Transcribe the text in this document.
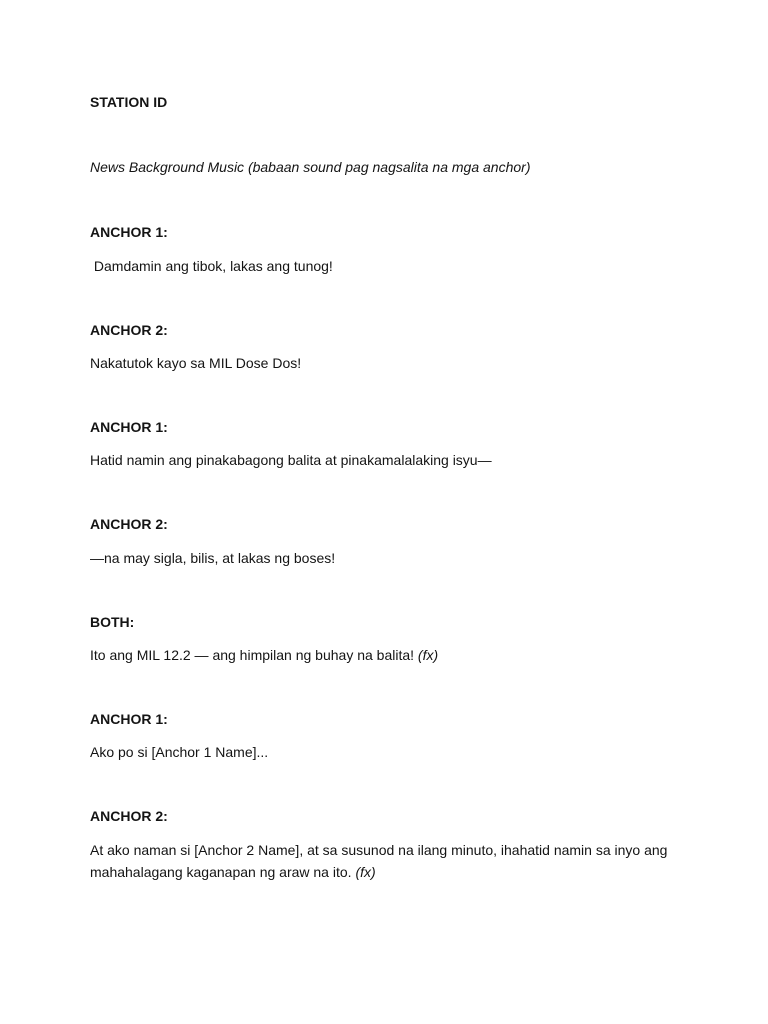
STATION ID

News Background Music (babaan sound pag nagsalita na mga anchor)

ANCHOR 1:

Damdamin ang tibok, lakas ang tunog!

ANCHOR 2:

Nakatutok kayo sa MIL Dose Dos!

ANCHOR 1:

Hatid namin ang pinakabagong balita at pinakamalalaking isyu—

ANCHOR 2:

—na may sigla, bilis, at lakas ng boses!

BOTH:

Ito ang MIL 12.2 — ang himpilan ng buhay na balita! (fx)

ANCHOR 1:

Ako po si [Anchor 1 Name]...

ANCHOR 2:

At ako naman si [Anchor 2 Name], at sa susunod na ilang minuto, ihahatid namin sa inyo ang mahahalagang kaganapan ng araw na ito. (fx)
